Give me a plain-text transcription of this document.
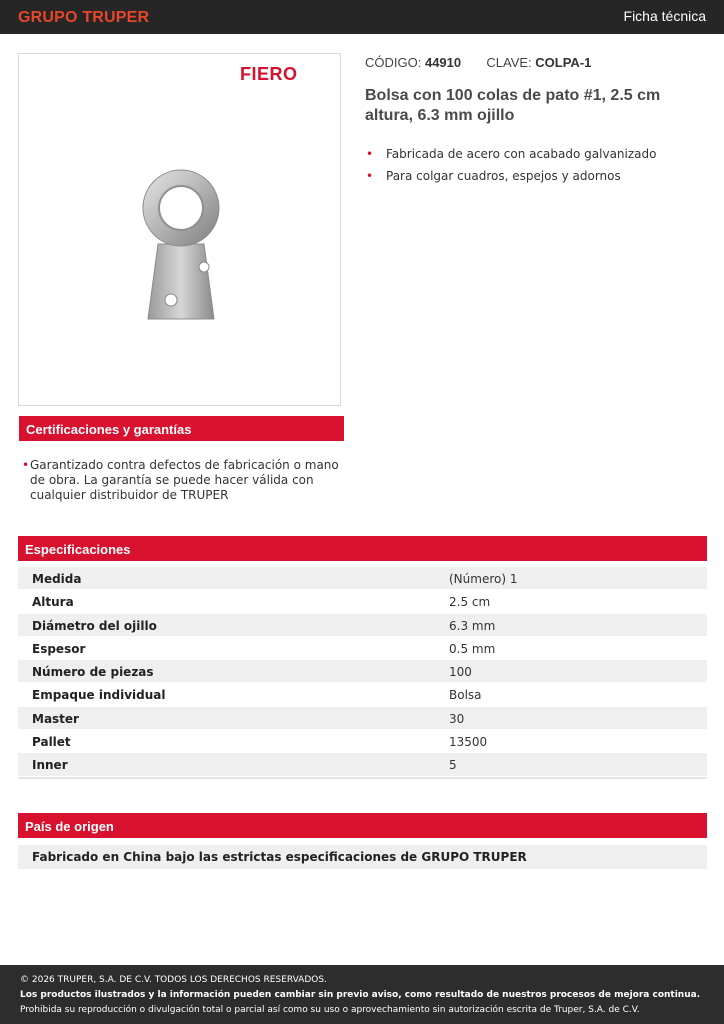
GRUPO TRUPER	Ficha técnica
FIERO
CÓDIGO: 44910 CLAVE: COLPA-1
Bolsa con 100 colas de pato #1, 2.5 cm altura, 6.3 mm ojillo
• Fabricada de acero con acabado galvanizado
• Para colgar cuadros, espejos y adornos
Certificaciones y garantías
• Garantizado contra defectos de fabricación o mano de obra. La garantía se puede hacer válida con cualquier distribuidor de TRUPER
Especificaciones
Medida	(Número) 1
Altura	2.5 cm
Diámetro del ojillo	6.3 mm
Espesor	0.5 mm
Número de piezas	100
Empaque individual	Bolsa
Master	30
Pallet	13500
Inner	5
País de origen
Fabricado en China bajo las estrictas especificaciones de GRUPO TRUPER
© 2026 TRUPER, S.A. DE C.V. TODOS LOS DERECHOS RESERVADOS.
Los productos ilustrados y la información pueden cambiar sin previo aviso, como resultado de nuestros procesos de mejora continua.
Prohibida su reproducción o divulgación total o parcial así como su uso o aprovechamiento sin autorización escrita de Truper, S.A. de C.V.
